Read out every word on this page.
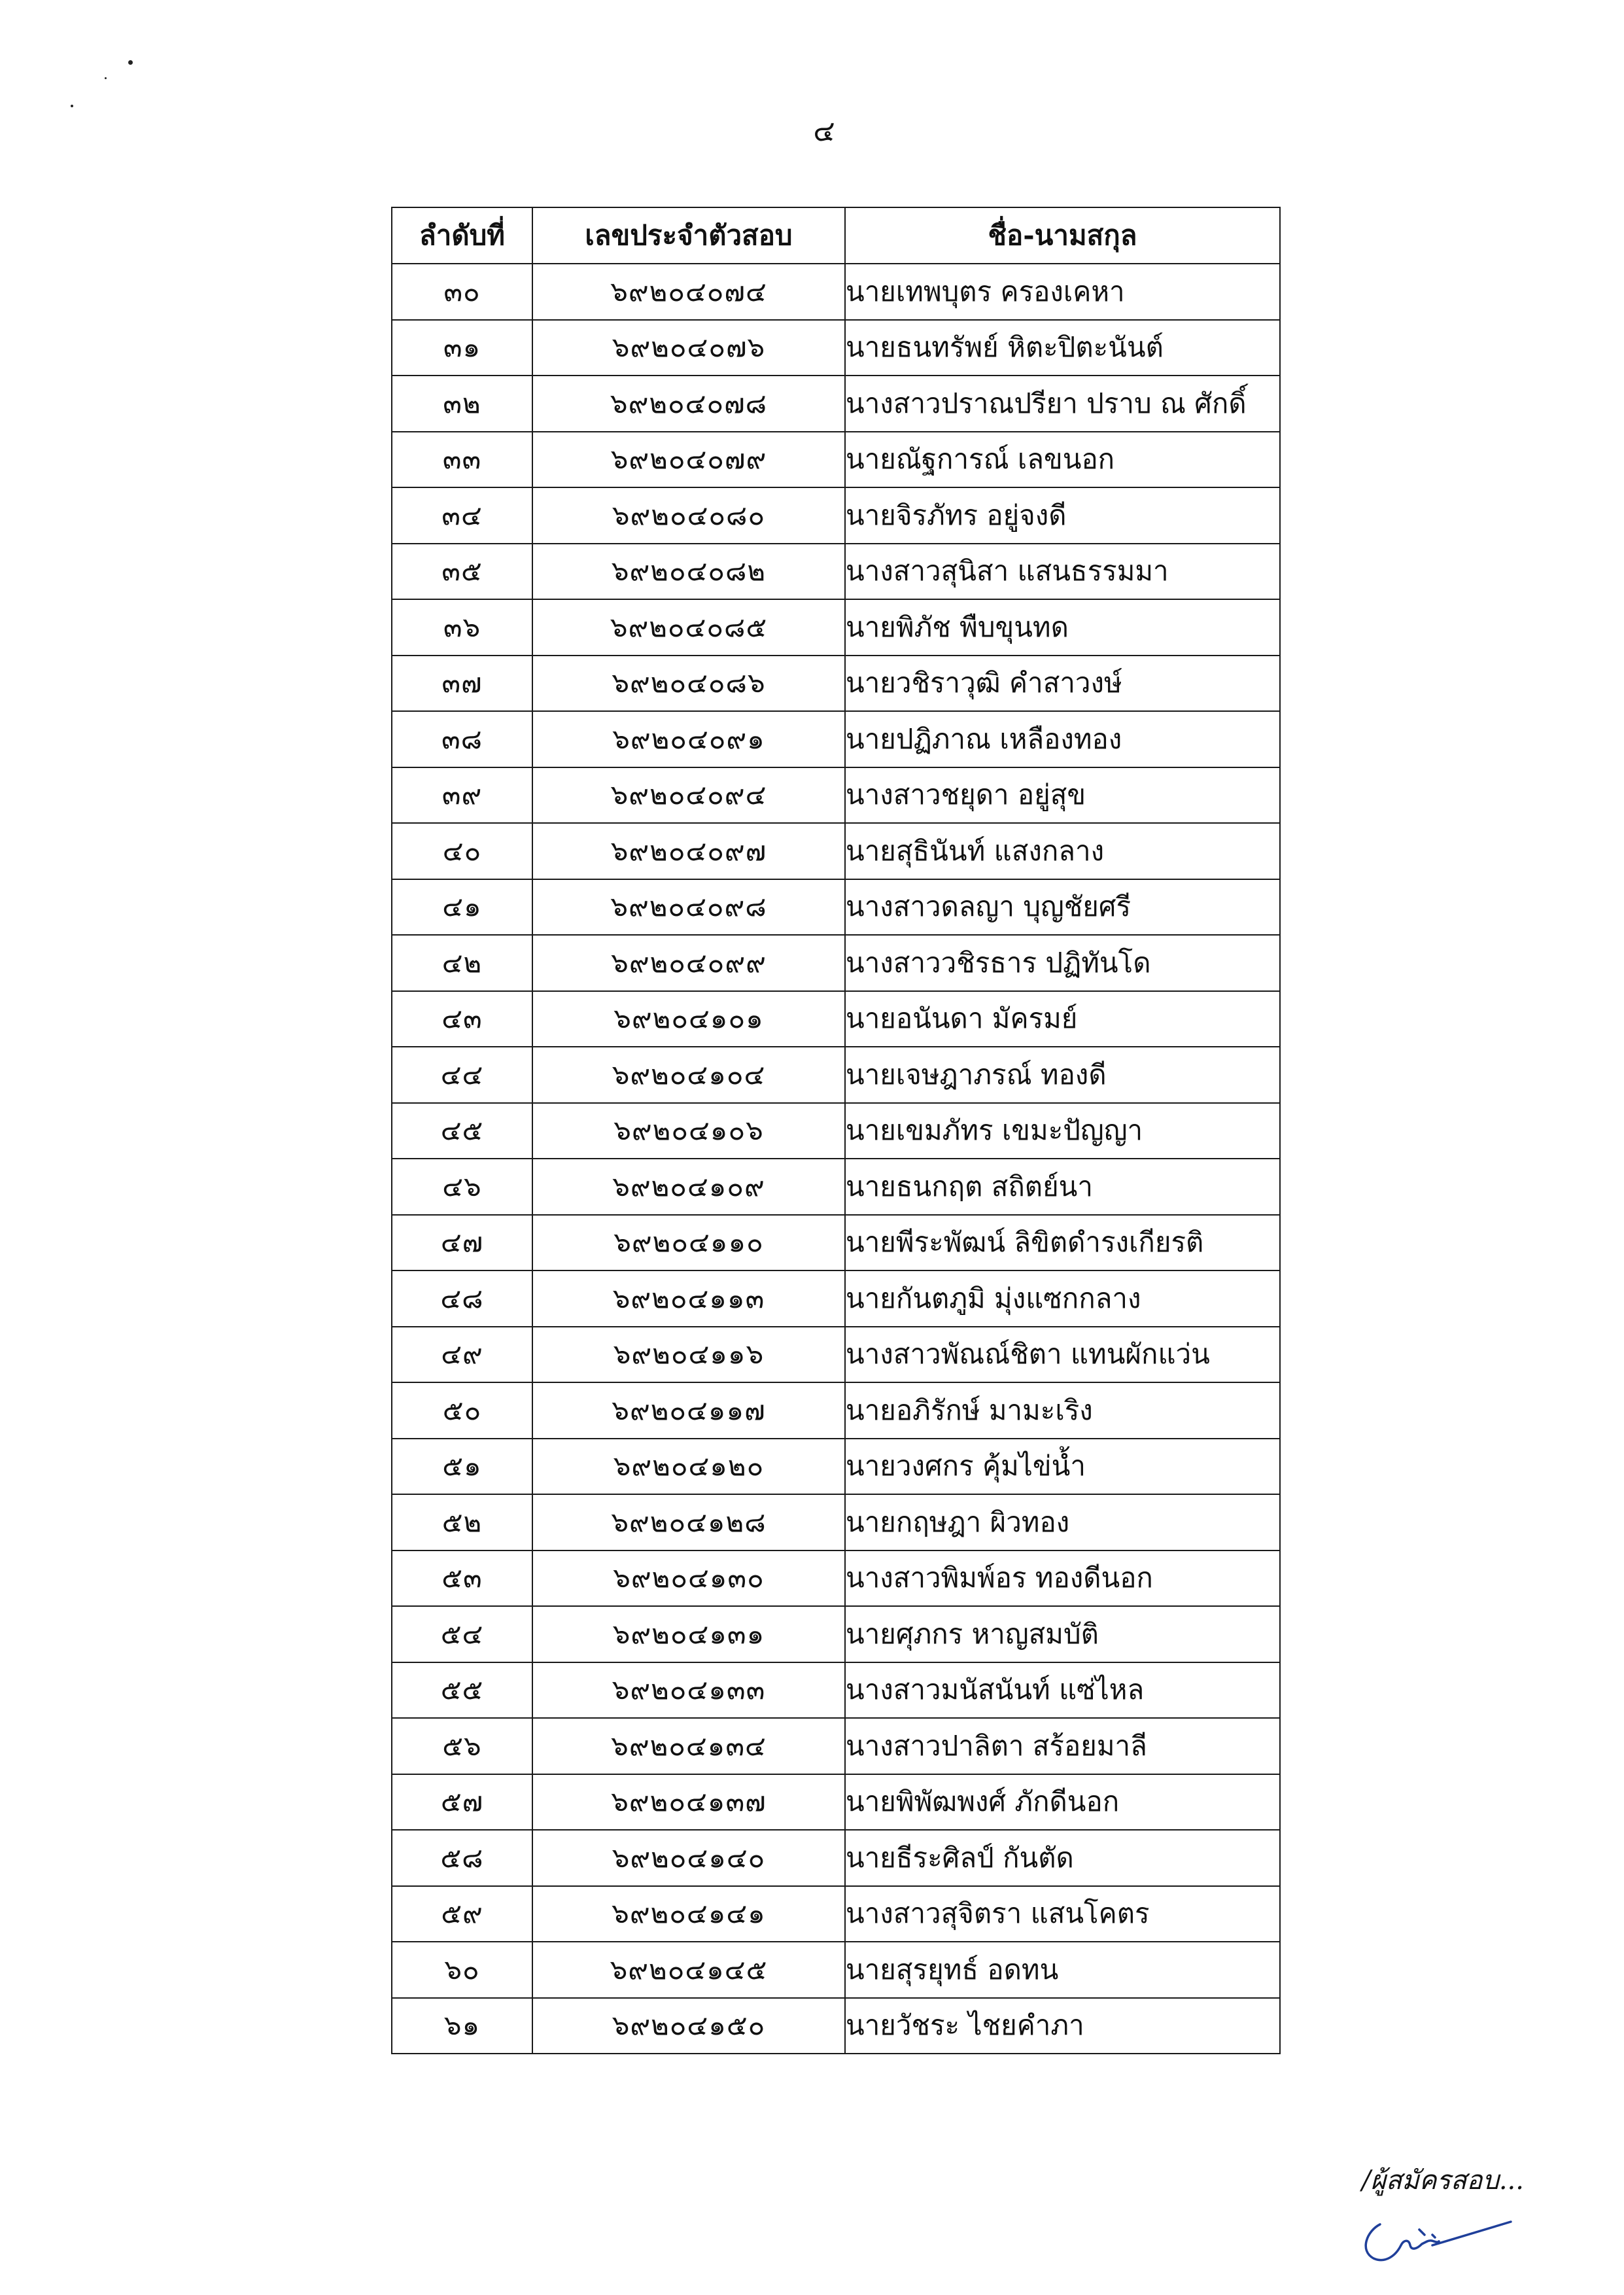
๔
ลำดับที่	เลขประจำตัวสอบ	ชื่อ-นามสกุล
๓๐	๖๙๒๐๔๐๗๔	นายเทพบุตร ครองเคหา
๓๑	๖๙๒๐๔๐๗๖	นายธนทรัพย์ หิตะปิตะนันต์
๓๒	๖๙๒๐๔๐๗๘	นางสาวปราณปรียา ปราบ ณ ศักดิ์
๓๓	๖๙๒๐๔๐๗๙	นายณัฐการณ์ เลขนอก
๓๔	๖๙๒๐๔๐๘๐	นายจิรภัทร อยู่จงดี
๓๕	๖๙๒๐๔๐๘๒	นางสาวสุนิสา แสนธรรมมา
๓๖	๖๙๒๐๔๐๘๕	นายพิภัช พืบขุนทด
๓๗	๖๙๒๐๔๐๘๖	นายวชิราวุฒิ คำสาวงษ์
๓๘	๖๙๒๐๔๐๙๑	นายปฏิภาณ เหลืองทอง
๓๙	๖๙๒๐๔๐๙๔	นางสาวชยุดา อยู่สุข
๔๐	๖๙๒๐๔๐๙๗	นายสุธินันท์ แสงกลาง
๔๑	๖๙๒๐๔๐๙๘	นางสาวดลญา บุญชัยศรี
๔๒	๖๙๒๐๔๐๙๙	นางสาววชิรธาร ปฏิทันโด
๔๓	๖๙๒๐๔๑๐๑	นายอนันดา มัครมย์
๔๔	๖๙๒๐๔๑๐๔	นายเจษฎาภรณ์ ทองดี
๔๕	๖๙๒๐๔๑๐๖	นายเขมภัทร เขมะปัญญา
๔๖	๖๙๒๐๔๑๐๙	นายธนกฤต สถิตย์นา
๔๗	๖๙๒๐๔๑๑๐	นายพีระพัฒน์ ลิขิตดำรงเกียรติ
๔๘	๖๙๒๐๔๑๑๓	นายกันตภูมิ มุ่งแซกกลาง
๔๙	๖๙๒๐๔๑๑๖	นางสาวพัณณ์ชิตา แทนผักแว่น
๕๐	๖๙๒๐๔๑๑๗	นายอภิรักษ์ มามะเริง
๕๑	๖๙๒๐๔๑๒๐	นายวงศกร คุ้มไข่น้ำ
๕๒	๖๙๒๐๔๑๒๘	นายกฤษฎา ผิวทอง
๕๓	๖๙๒๐๔๑๓๐	นางสาวพิมพ์อร ทองดีนอก
๕๔	๖๙๒๐๔๑๓๑	นายศุภกร หาญสมบัติ
๕๕	๖๙๒๐๔๑๓๓	นางสาวมนัสนันท์ แซ่ไหล
๕๖	๖๙๒๐๔๑๓๔	นางสาวปาลิตา สร้อยมาลี
๕๗	๖๙๒๐๔๑๓๗	นายพิพัฒพงศ์ ภักดีนอก
๕๘	๖๙๒๐๔๑๔๐	นายธีระศิลป์ กันตัด
๕๙	๖๙๒๐๔๑๔๑	นางสาวสุจิตรา แสนโคตร
๖๐	๖๙๒๐๔๑๔๕	นายสุรยุทธ์ อดทน
๖๑	๖๙๒๐๔๑๕๐	นายวัชระ ไชยคำภา
/ผู้สมัครสอบ...
